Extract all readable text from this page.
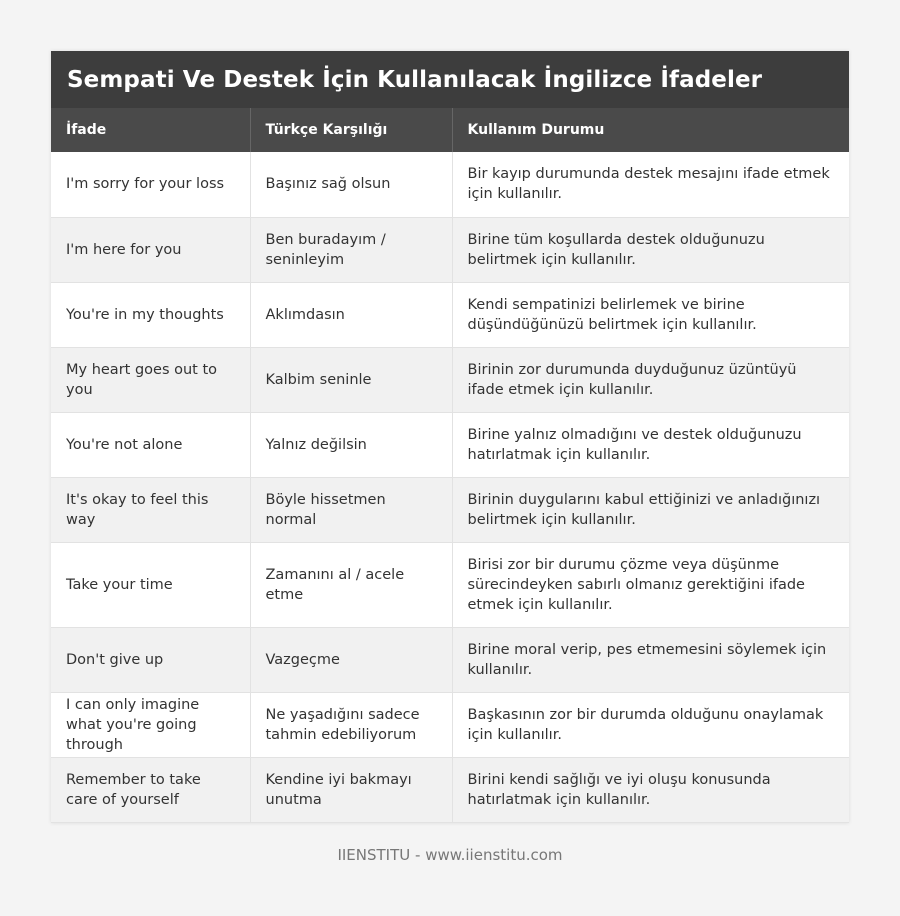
Sempati Ve Destek İçin Kullanılacak İngilizce İfadeler
İfade	Türkçe Karşılığı	Kullanım Durumu
I'm sorry for your loss	Başınız sağ olsun	Bir kayıp durumunda destek mesajını ifade etmek için kullanılır.
I'm here for you	Ben buradayım / seninleyim	Birine tüm koşullarda destek olduğunuzu belirtmek için kullanılır.
You're in my thoughts	Aklımdasın	Kendi sempatinizi belirlemek ve birine düşündüğünüzü belirtmek için kullanılır.
My heart goes out to you	Kalbim seninle	Birinin zor durumunda duyduğunuz üzüntüyü ifade etmek için kullanılır.
You're not alone	Yalnız değilsin	Birine yalnız olmadığını ve destek olduğunuzu hatırlatmak için kullanılır.
It's okay to feel this way	Böyle hissetmen normal	Birinin duygularını kabul ettiğinizi ve anladığınızı belirtmek için kullanılır.
Take your time	Zamanını al / acele etme	Birisi zor bir durumu çözme veya düşünme sürecindeyken sabırlı olmanız gerektiğini ifade etmek için kullanılır.
Don't give up	Vazgeçme	Birine moral verip, pes etmemesini söylemek için kullanılır.
I can only imagine what you're going through	Ne yaşadığını sadece tahmin edebiliyorum	Başkasının zor bir durumda olduğunu onaylamak için kullanılır.
Remember to take care of yourself	Kendine iyi bakmayı unutma	Birini kendi sağlığı ve iyi oluşu konusunda hatırlatmak için kullanılır.
IIENSTITU - www.iienstitu.com
